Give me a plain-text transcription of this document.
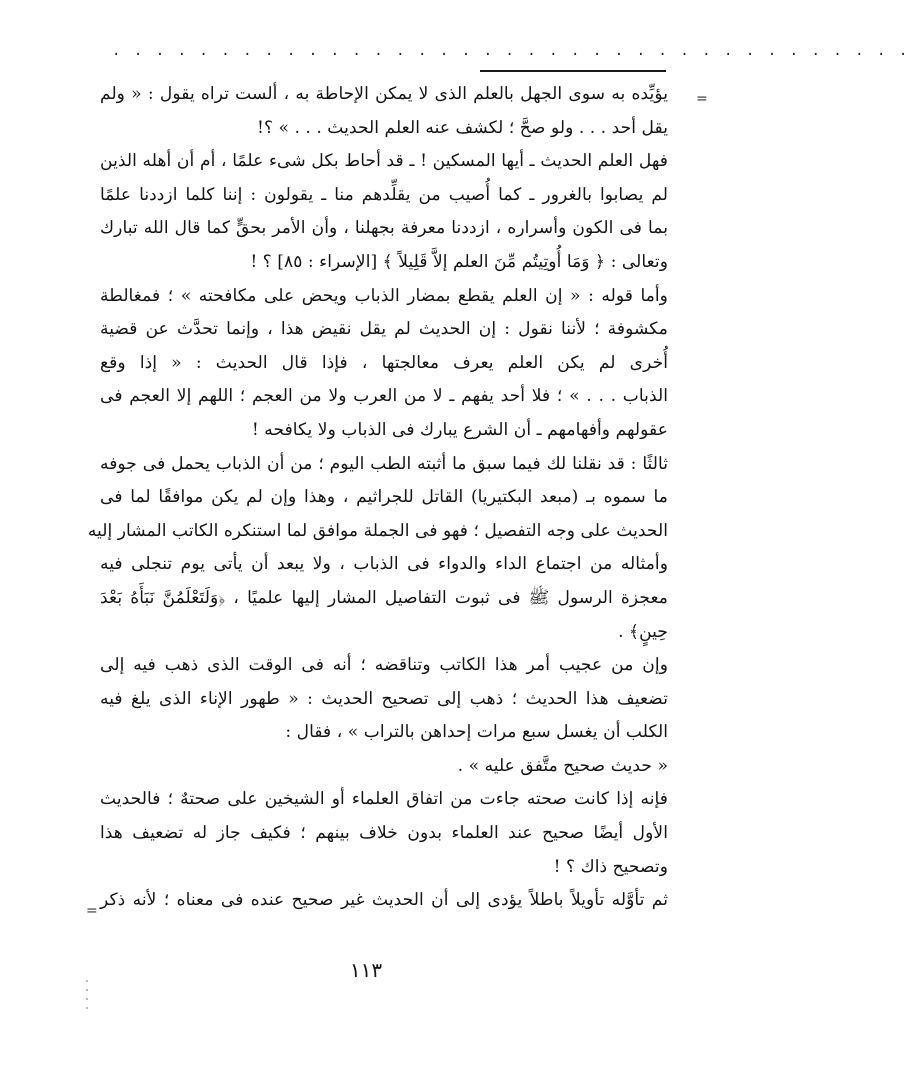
. . . . . . . . . . . . . . . . . . . . . . . . . . . . . . . . . . . . .
=
=
يؤيِّده به سوى الجهل بالعلم الذى لا يمكن الإحاطة به ، ألست تراه يقول : « ولم
يقل أحد . . . ولو صحَّ ؛ لكشف عنه العلم الحديث . . . » ؟!
فهل العلم الحديث ـ أيها المسكين ! ـ قد أحاط بكل شىء علمًا ، أم أن أهله الذين
لم يصابوا بالغرور ـ كما أُصيب من يقلِّدهم منا ـ يقولون : إننا كلما ازددنا علمًا
بما فى الكون وأسراره ، ازددنا معرفة بجهلنا ، وأن الأمر بحقٍّ كما قال الله تبارك
وتعالى : ﴿ وَمَا أُوتِيتُم مِّنَ العلم إلاَّ قَلِيلاً ﴾ [الإسراء : ٨٥] ؟ !
وأما قوله : « إن العلم يقطع بمضار الذباب ويحض على مكافحته » ؛ فمغالطة
مكشوفة ؛ لأننا نقول : إن الحديث لم يقل نقيض هذا ، وإنما تحدَّث عن قضية
أُخرى لم يكن العلم يعرف معالجتها ، فإذا قال الحديث : « إذا وقع
الذباب . . . » ؛ فلا أحد يفهم ـ لا من العرب ولا من العجم ؛ اللهم إلا العجم فى
عقولهم وأفهامهم ـ أن الشرع يبارك فى الذباب ولا يكافحه !
ثالثًا : قد نقلنا لك فيما سبق ما أثبته الطب اليوم ؛ من أن الذباب يحمل فى جوفه
ما سموه بـ (مبعد البكتيريا) القاتل للجراثيم ، وهذا وإن لم يكن موافقًا لما فى
الحديث على وجه التفصيل ؛ فهو فى الجملة موافق لما استنكره الكاتب المشار إليه
وأمثاله من اجتماع الداء والدواء فى الذباب ، ولا يبعد أن يأتى يوم تنجلى فيه
معجزة الرسول ﷺ فى ثبوت التفاصيل المشار إليها علميًا ، ﴿وَلَتَعْلَمُنَّ نَبَأَهُ بَعْدَ
حِينٍ﴾ .
وإن من عجيب أمر هذا الكاتب وتناقضه ؛ أنه فى الوقت الذى ذهب فيه إلى
تضعيف هذا الحديث ؛ ذهب إلى تصحيح الحديث : « طهور الإناء الذى يلغ فيه
الكلب أن يغسل سبع مرات إحداهن بالتراب » ، فقال :
« حديث صحيح متَّفق عليه » .
فإنه إذا كانت صحته جاءت من اتفاق العلماء أو الشيخين على صحتهٌ ؛ فالحديث
الأول أيضًا صحيح عند العلماء بدون خلاف بينهم ؛ فكيف جاز له تضعيف هذا
وتصحيح ذاك ؟ !
ثم تأوَّله تأويلاً باطلاً يؤدى إلى أن الحديث غير صحيح عنده فى معناه ؛ لأنه ذكر
١١٣
